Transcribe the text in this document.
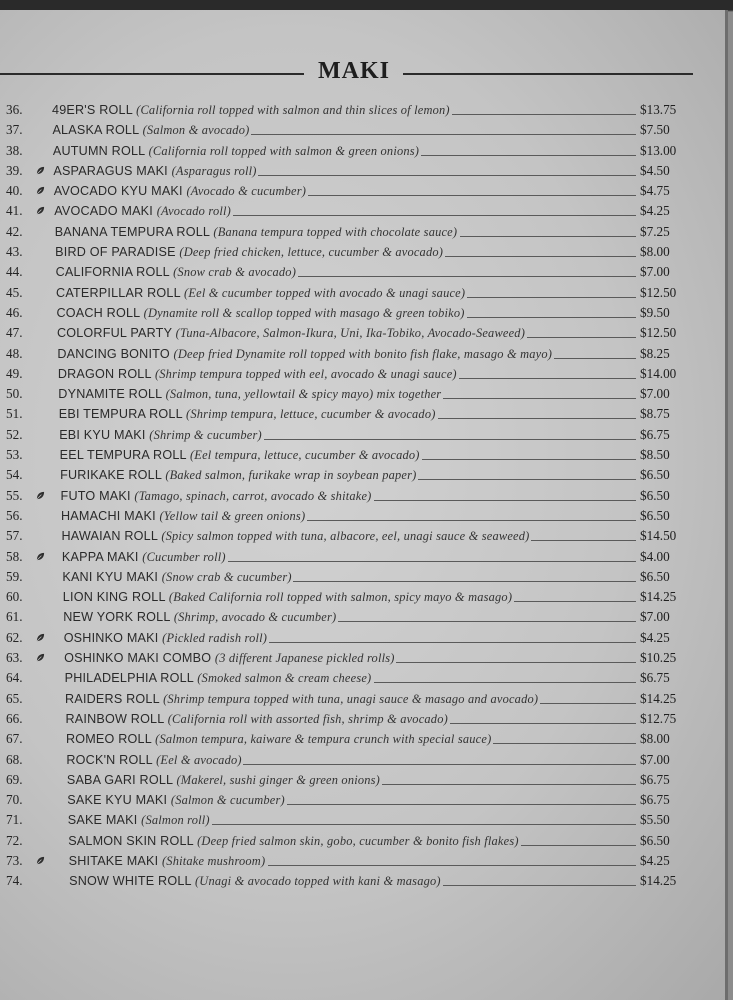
MAKI
36.	49ER'S ROLL (California roll topped with salmon and thin slices of lemon)	$13.75
37.	ALASKA ROLL (Salmon & avocado)	$7.50
38.	AUTUMN ROLL (California roll topped with salmon & green onions)	$13.00
39.	ASPARAGUS MAKI (Asparagus roll)	$4.50
40.	AVOCADO KYU MAKI (Avocado & cucumber)	$4.75
41.	AVOCADO MAKI (Avocado roll)	$4.25
42.	BANANA TEMPURA ROLL (Banana tempura topped with chocolate sauce)	$7.25
43.	BIRD OF PARADISE (Deep fried chicken, lettuce, cucumber & avocado)	$8.00
44.	CALIFORNIA ROLL (Snow crab & avocado)	$7.00
45.	CATERPILLAR ROLL (Eel & cucumber topped with avocado & unagi sauce)	$12.50
46.	COACH ROLL (Dynamite roll & scallop topped with masago & green tobiko)	$9.50
47.	COLORFUL PARTY (Tuna-Albacore, Salmon-Ikura, Uni, Ika-Tobiko, Avocado-Seaweed)	$12.50
48.	DANCING BONITO (Deep fried Dynamite roll topped with bonito fish flake, masago & mayo)	$8.25
49.	DRAGON ROLL (Shrimp tempura topped with eel, avocado & unagi sauce)	$14.00
50.	DYNAMITE ROLL (Salmon, tuna, yellowtail & spicy mayo) mix together	$7.00
51.	EBI TEMPURA ROLL (Shrimp tempura, lettuce, cucumber & avocado)	$8.75
52.	EBI KYU MAKI (Shrimp & cucumber)	$6.75
53.	EEL TEMPURA ROLL (Eel tempura, lettuce, cucumber & avocado)	$8.50
54.	FURIKAKE ROLL (Baked salmon, furikake wrap in soybean paper)	$6.50
55.	FUTO MAKI (Tamago, spinach, carrot, avocado & shitake)	$6.50
56.	HAMACHI MAKI (Yellow tail & green onions)	$6.50
57.	HAWAIAN ROLL (Spicy salmon topped with tuna, albacore, eel, unagi sauce & seaweed)	$14.50
58.	KAPPA MAKI (Cucumber roll)	$4.00
59.	KANI KYU MAKI (Snow crab & cucumber)	$6.50
60.	LION KING ROLL (Baked California roll topped with salmon, spicy mayo & masago)	$14.25
61.	NEW YORK ROLL (Shrimp, avocado & cucumber)	$7.00
62.	OSHINKO MAKI (Pickled radish roll)	$4.25
63.	OSHINKO MAKI COMBO (3 different Japanese pickled rolls)	$10.25
64.	PHILADELPHIA ROLL (Smoked salmon & cream cheese)	$6.75
65.	RAIDERS ROLL (Shrimp tempura topped with tuna, unagi sauce & masago and avocado)	$14.25
66.	RAINBOW ROLL (California roll with assorted fish, shrimp & avocado)	$12.75
67.	ROMEO ROLL (Salmon tempura, kaiware & tempura crunch with special sauce)	$8.00
68.	ROCK'N ROLL (Eel & avocado)	$7.00
69.	SABA GARI ROLL (Makerel, sushi ginger & green onions)	$6.75
70.	SAKE KYU MAKI (Salmon & cucumber)	$6.75
71.	SAKE MAKI (Salmon roll)	$5.50
72.	SALMON SKIN ROLL (Deep fried salmon skin, gobo, cucumber & bonito fish flakes)	$6.50
73.	SHITAKE MAKI (Shitake mushroom)	$4.25
74.	SNOW WHITE ROLL (Unagi & avocado topped with kani & masago)	$14.25
